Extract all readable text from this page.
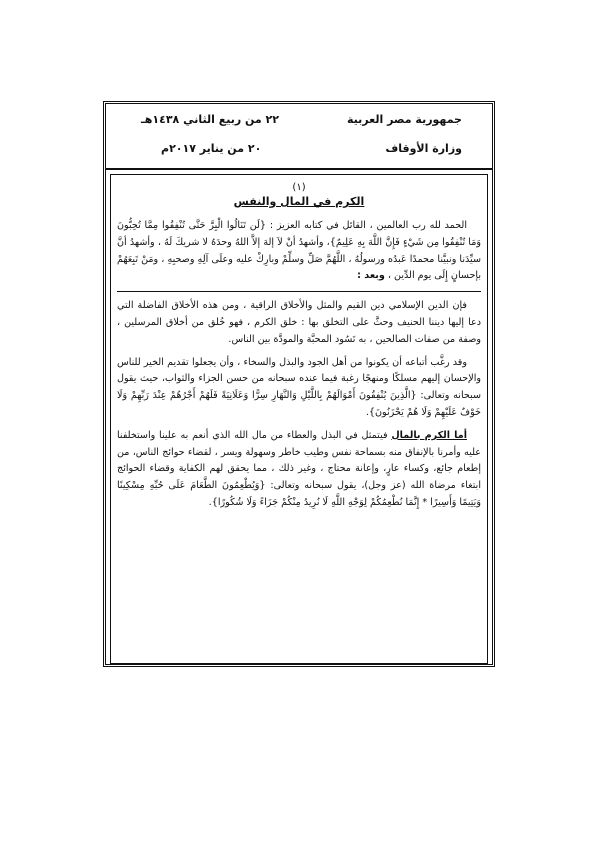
جمهورية مصر العربية
وزارة الأوقاف
٢٢ من ربيع الثاني ١٤٣٨هـ
٢٠ من يناير ٢٠١٧م
(١)
الكرم في المال والنفس

الحمد لله رب العالمين ، القائل في كتابه العزيز : {لَن تَنَالُوا الْبِرَّ حَتَّى تُنْفِقُوا مِمَّا تُحِبُّونَ وَمَا تُنْفِقُوا مِن شَيْءٍ فَإِنَّ اللَّهَ بِهِ عَلِيمٌ}، وأشهدُ أنْ لاَ إلهَ إلاَّ اللهُ وحدَهُ لا شريكَ لَهُ ، وأشهدُ أنَّ سيِّدَنا ونبيَّنا محمدًا عَبدُه ورسولُهُ ، اللَّهُمَّ صَلِّ وسلِّمْ وبارِكْ عليه وعلَى آلِهِ وصحبِهِ ، ومَنْ تَبِعَهُمْ بإحسانٍ إِلَى يوم الدِّين ، وبعد :

فإن الدين الإسلامي دين القيم والمثل والأخلاق الراقية ، ومن هذه الأخلاق الفاضلة التي دعا إليها ديننا الحنيف وحثَّ على التخلق بها : خلق الكرم ، فهو خُلق من أخلاق المرسلين ، وصفة من صفات الصالحين ، به تَسُود المحبَّة والمودَّة بين الناس.

وقد رغَّب أتباعه أن يكونوا من أهل الجود والبذل والسخاء ، وأن يجعلوا تقديم الخير للناس والإحسان إليهم مسلكًا ومنهجًا رغبة فيما عنده سبحانه من حسن الجزاء والثواب، حيث يقول سبحانه وتعالى: {الَّذِينَ يُنْفِقُونَ أَمْوَالَهُمْ بِاللَّيْلِ وَالنَّهَارِ سِرًّا وَعَلَانِيَةً فَلَهُمْ أَجْرُهُمْ عِنْدَ رَبِّهِمْ وَلَا خَوْفٌ عَلَيْهِمْ وَلَا هُمْ يَحْزَنُونَ}.

أما الكرم بالمال فيتمثل في البذل والعطاء من مال الله الذي أنعم به علينا واستخلفنا عليه وأمرنا بالإنفاق منه بسماحة نفس وطيب خاطر وسهولة ويسر ، لقضاء حوائج الناس، من إطعام جائع، وكساء عارٍ، وإعانة محتاج ، وغير ذلك ، مما يحقق لهم الكفاية وقضاء الحوائج ابتغاء مرضاة الله (عز وجل)، يقول سبحانه وتعالى: {وَيُطْعِمُونَ الطَّعَامَ عَلَى حُبِّهِ مِسْكِينًا وَيَتِيمًا وَأَسِيرًا * إِنَّمَا نُطْعِمُكُمْ لِوَجْهِ اللَّهِ لَا نُرِيدُ مِنْكُمْ جَزَاءً وَلَا شُكُورًا}.
